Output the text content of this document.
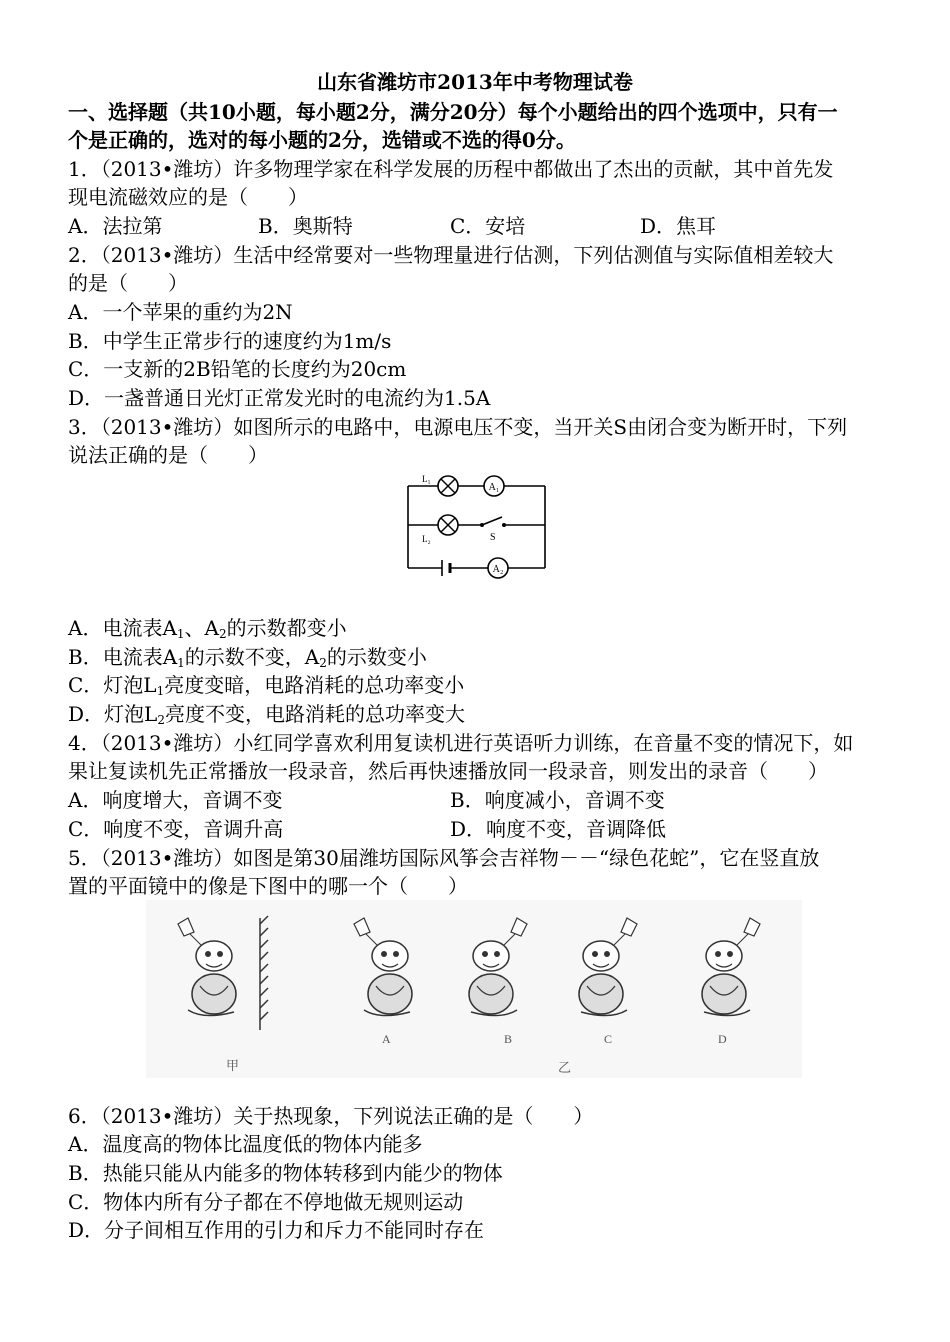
山东省潍坊市2013年中考物理试卷
一、选择题（共10小题，每小题2分，满分20分）每个小题给出的四个选项中，只有一
个是正确的，选对的每小题的2分，选错或不选的得0分。
1．（2013•潍坊）许多物理学家在科学发展的历程中都做出了杰出的贡献，其中首先发
现电流磁效应的是（　　）
A．法拉第	B．奥斯特	C．安培	D．焦耳
2．（2013•潍坊）生活中经常要对一些物理量进行估测，下列估测值与实际值相差较大
的是（　　）
A．一个苹果的重约为2N
B．中学生正常步行的速度约为1m/s
C．一支新的2B铅笔的长度约为20cm
D．一盏普通日光灯正常发光时的电流约为1.5A
3．（2013•潍坊）如图所示的电路中，电源电压不变，当开关S由闭合变为断开时，下列
说法正确的是（　　）
A₁
A₂
S
L₁
L₂
A．电流表$A_1$、$A_2$的示数都变小
B．电流表$A_1$的示数不变，$A_2$的示数变小
C．灯泡$L_1$亮度变暗，电路消耗的总功率变小
D．灯泡$L_2$亮度不变，电路消耗的总功率变大
4．（2013•潍坊）小红同学喜欢利用复读机进行英语听力训练，在音量不变的情况下，如
果让复读机先正常播放一段录音，然后再快速播放同一段录音，则发出的录音（　　）
A．响度增大，音调不变	B．响度减小，音调不变
C．响度不变，音调升高	D．响度不变，音调降低
5．（2013•潍坊）如图是第30届潍坊国际风筝会吉祥物－－“绿色花蛇”，它在竖直放
置的平面镜中的像是下图中的哪一个（　　）
A	B	C	D
甲	乙
6．（2013•潍坊）关于热现象，下列说法正确的是（　　）
A．温度高的物体比温度低的物体内能多
B．热能只能从内能多的物体转移到内能少的物体
C．物体内所有分子都在不停地做无规则运动
D．分子间相互作用的引力和斥力不能同时存在
